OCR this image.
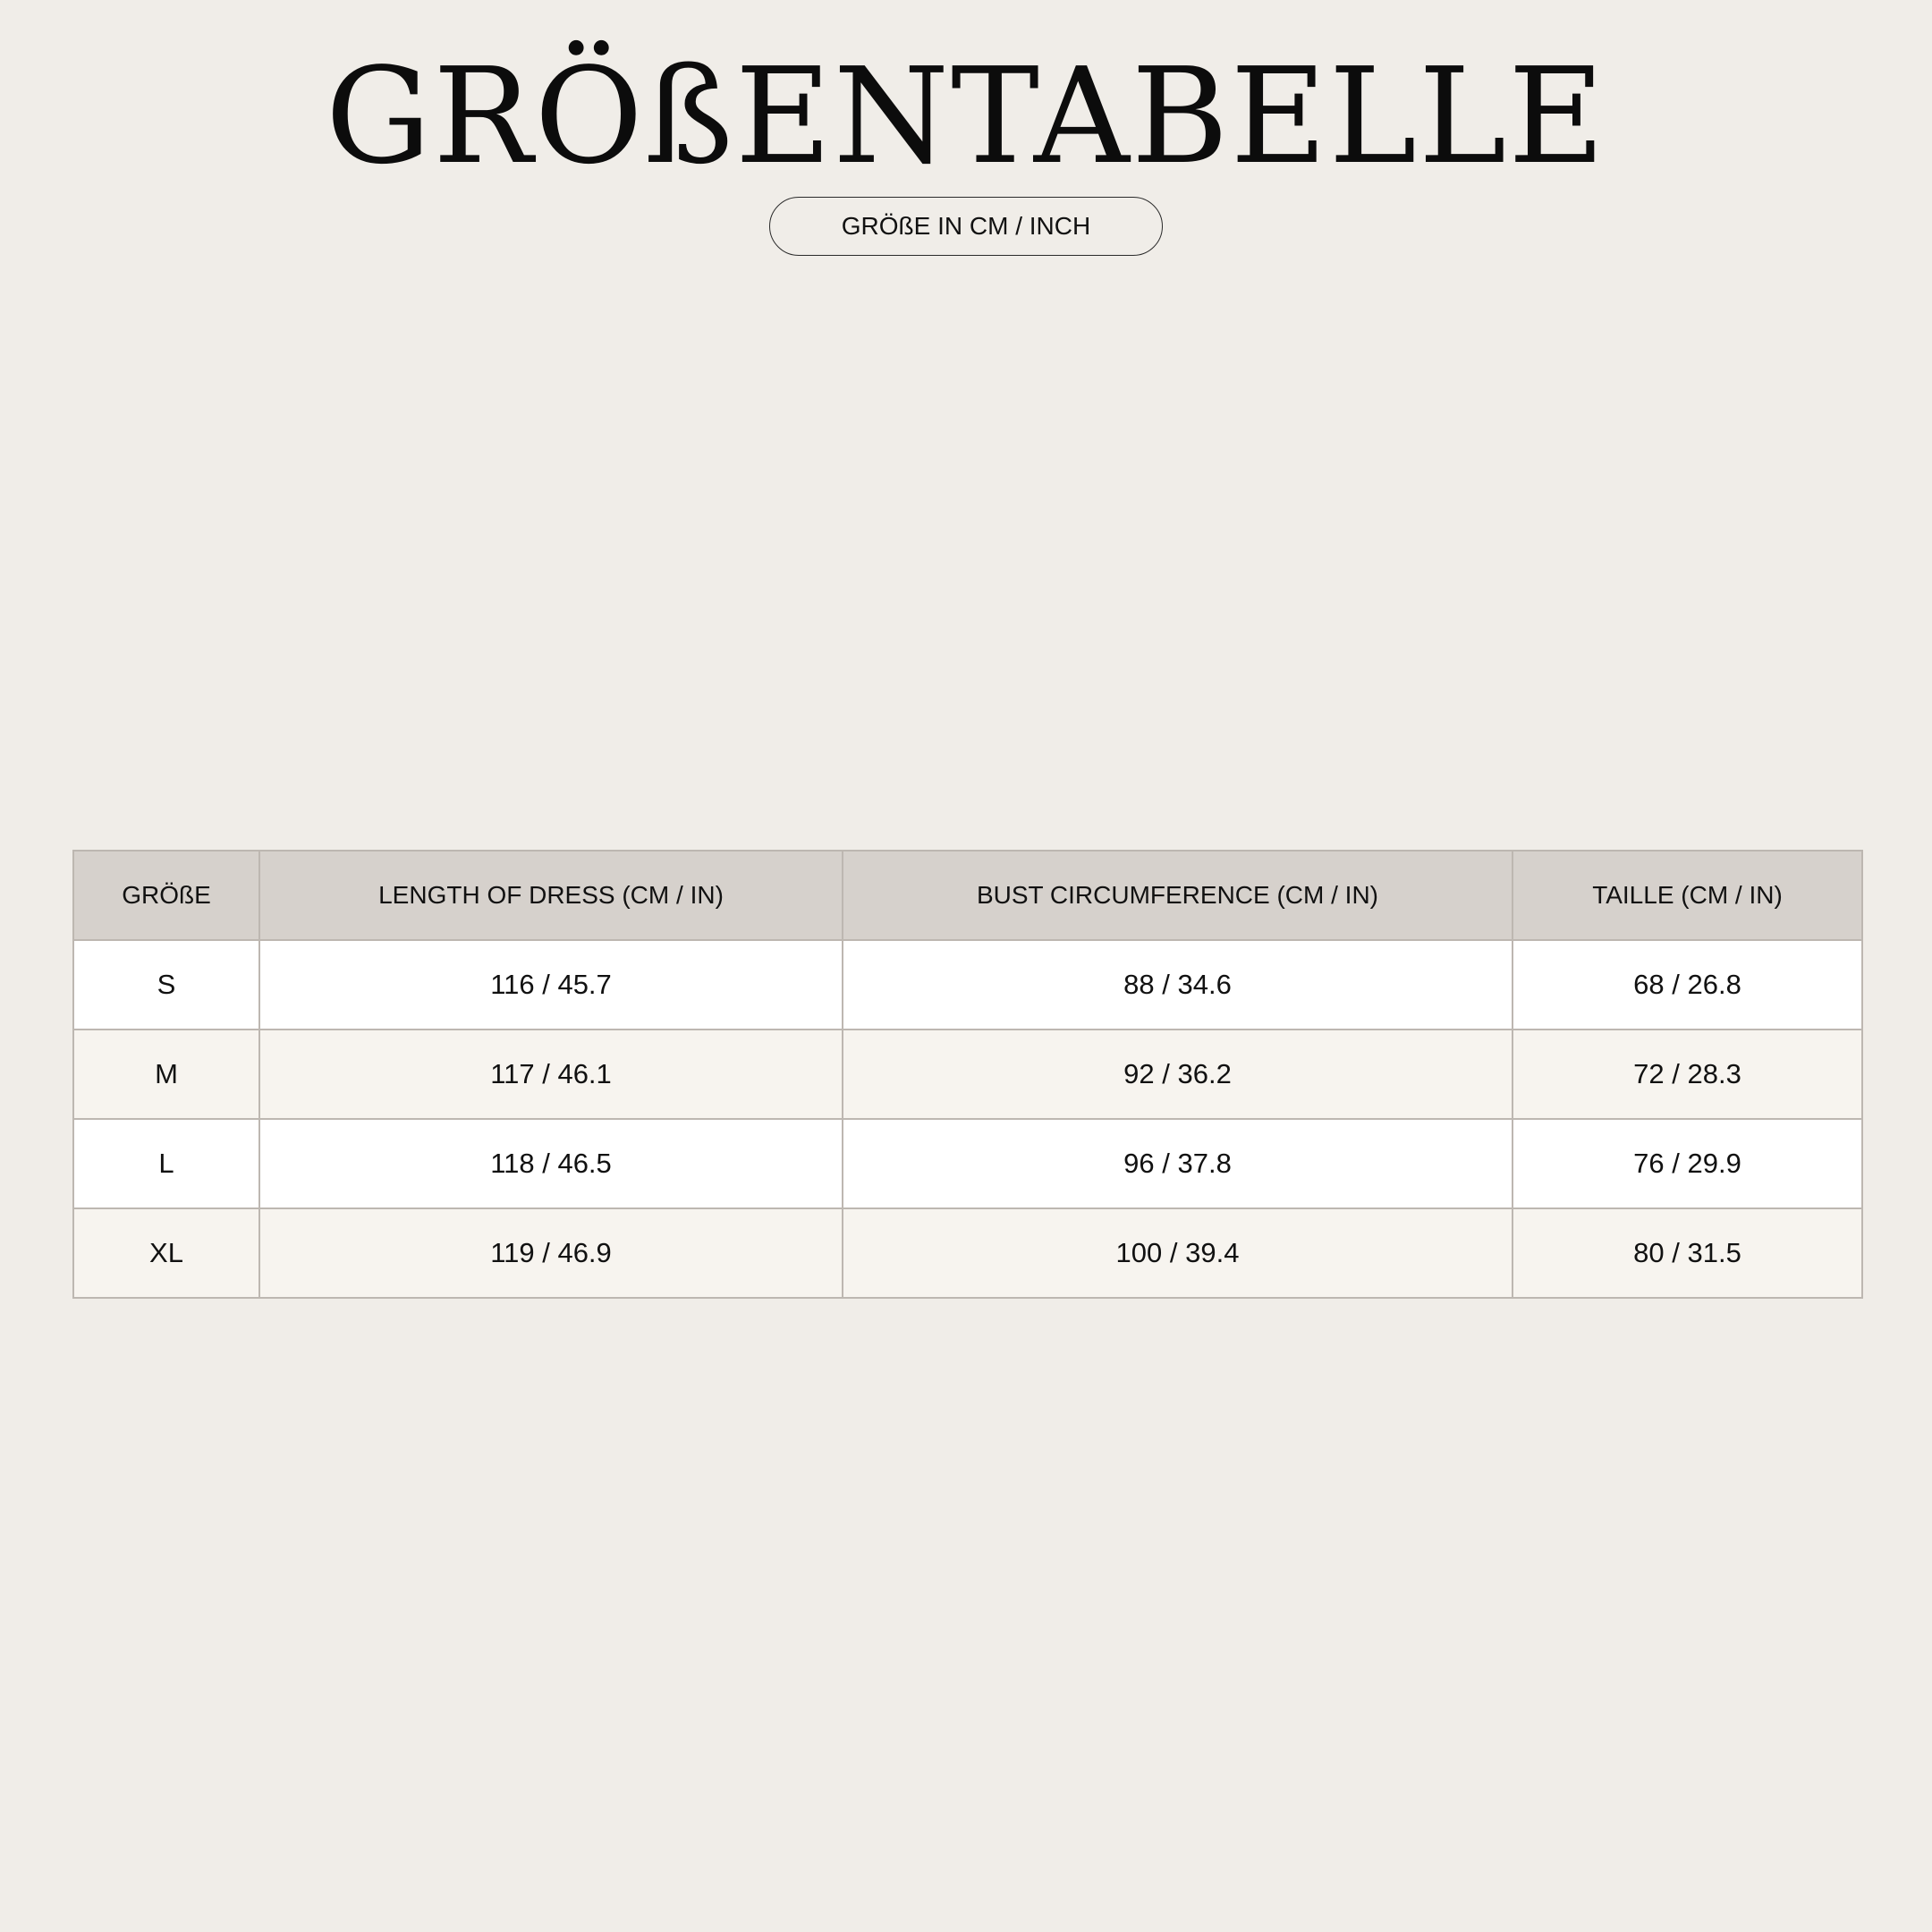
GRÖßENTABELLE
GRÖßE IN CM / INCH
GRÖßE	LENGTH OF DRESS (CM / IN)	BUST CIRCUMFERENCE (CM / IN)	TAILLE (CM / IN)
S	116 / 45.7	88 / 34.6	68 / 26.8
M	117 / 46.1	92 / 36.2	72 / 28.3
L	118 / 46.5	96 / 37.8	76 / 29.9
XL	119 / 46.9	100 / 39.4	80 / 31.5
